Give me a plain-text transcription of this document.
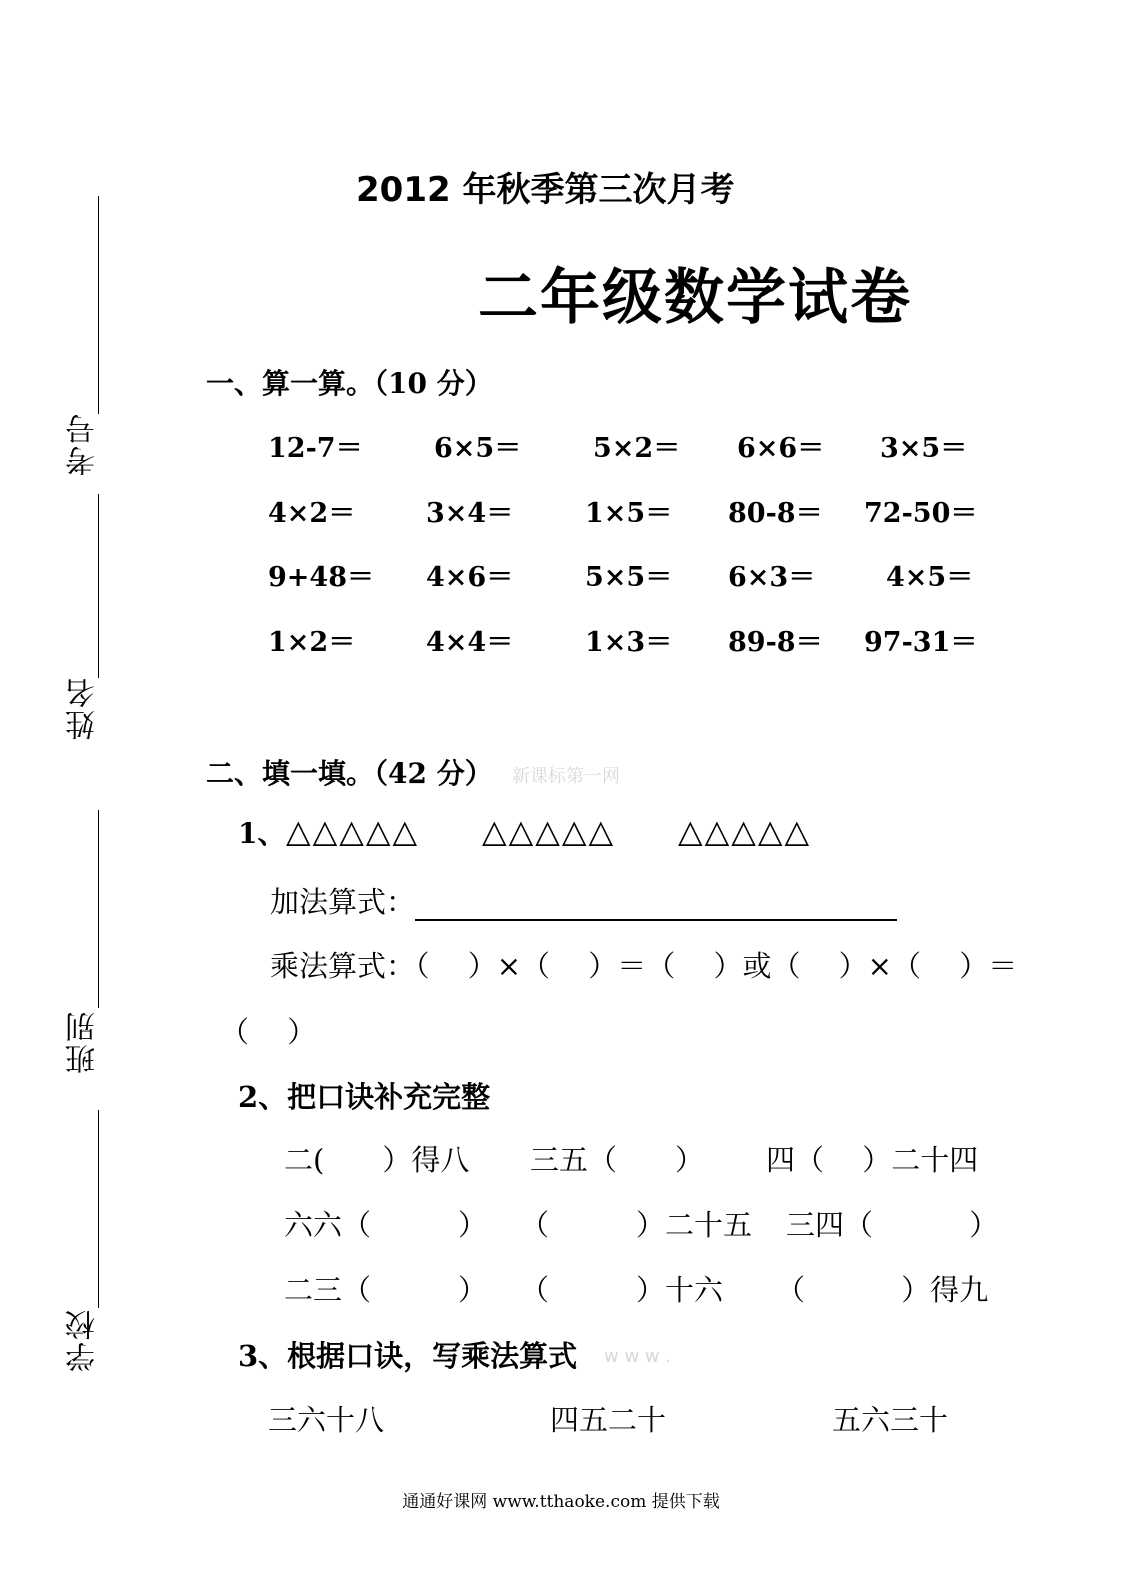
考号
姓名
班别
学校
2012 年秋季第三次月考
二年级数学试卷
一、算一算。（10 分）
12-7＝	6×5＝	5×2＝ 6×6＝ 3×5＝
4×2＝	3×4＝	1×5＝ 80-8＝ 72-50＝
9+48＝ 4×6＝	5×5＝ 6×3＝	4×5＝
1×2＝	4×4＝	1×3＝ 89-8＝ 97-31＝
二、填一填。（42 分） 新课标第一网
1、 △△△△△ △△△△△ △△△△△
加法算式：
乘法算式：（　 ）×（　 ）＝（　 ）或（　 ）×（　 ）＝
（　 ）
2、把口诀补充完整
二(　　）得八 三五（　　） 四（　 ）二十四
六六（　　　） （　　　）二十五 三四（　　　 ）
二三（　　　） （　　　）十六 （　　　 ）得九
3、根据口诀，写乘法算式 w w w .
三六十八	四五二十	五六三十
通通好课网 www.tthaoke.com 提供下载
